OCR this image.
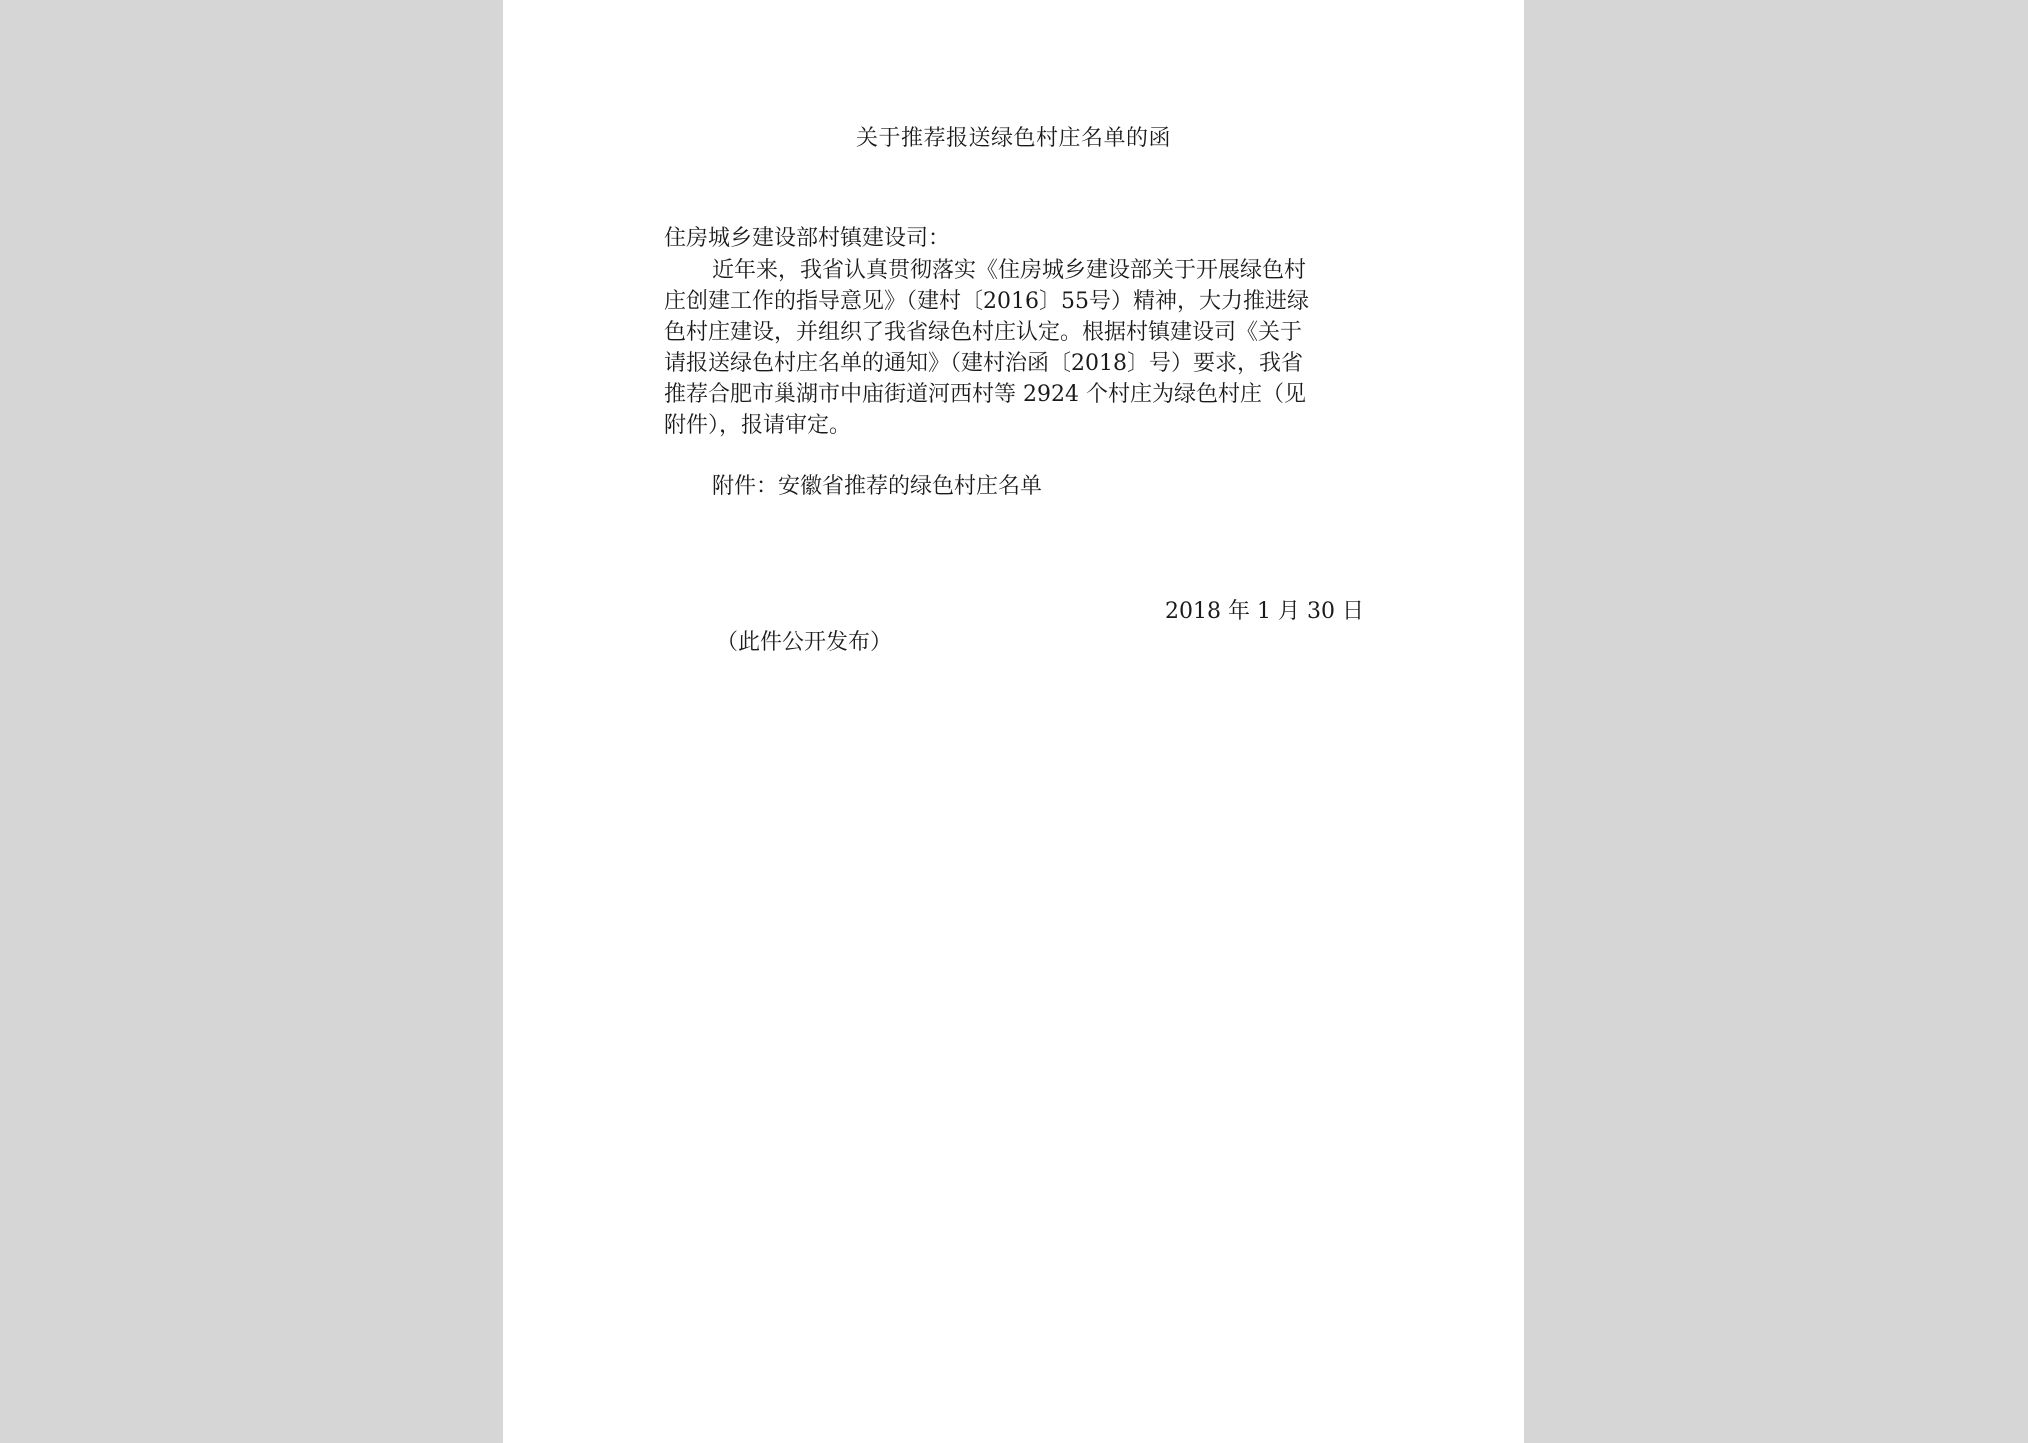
关于推荐报送绿色村庄名单的函
住房城乡建设部村镇建设司：
近年来，我省认真贯彻落实《住房城乡建设部关于开展绿色村
庄创建工作的指导意见》（建村〔2016〕55号）精神，大力推进绿
色村庄建设，并组织了我省绿色村庄认定。根据村镇建设司《关于
请报送绿色村庄名单的通知》（建村治函〔2018〕号）要求，我省
推荐合肥市巢湖市中庙街道河西村等 2924 个村庄为绿色村庄（见
附件），报请审定。
附件：安徽省推荐的绿色村庄名单
2018 年 1 月 30 日
（此件公开发布）
